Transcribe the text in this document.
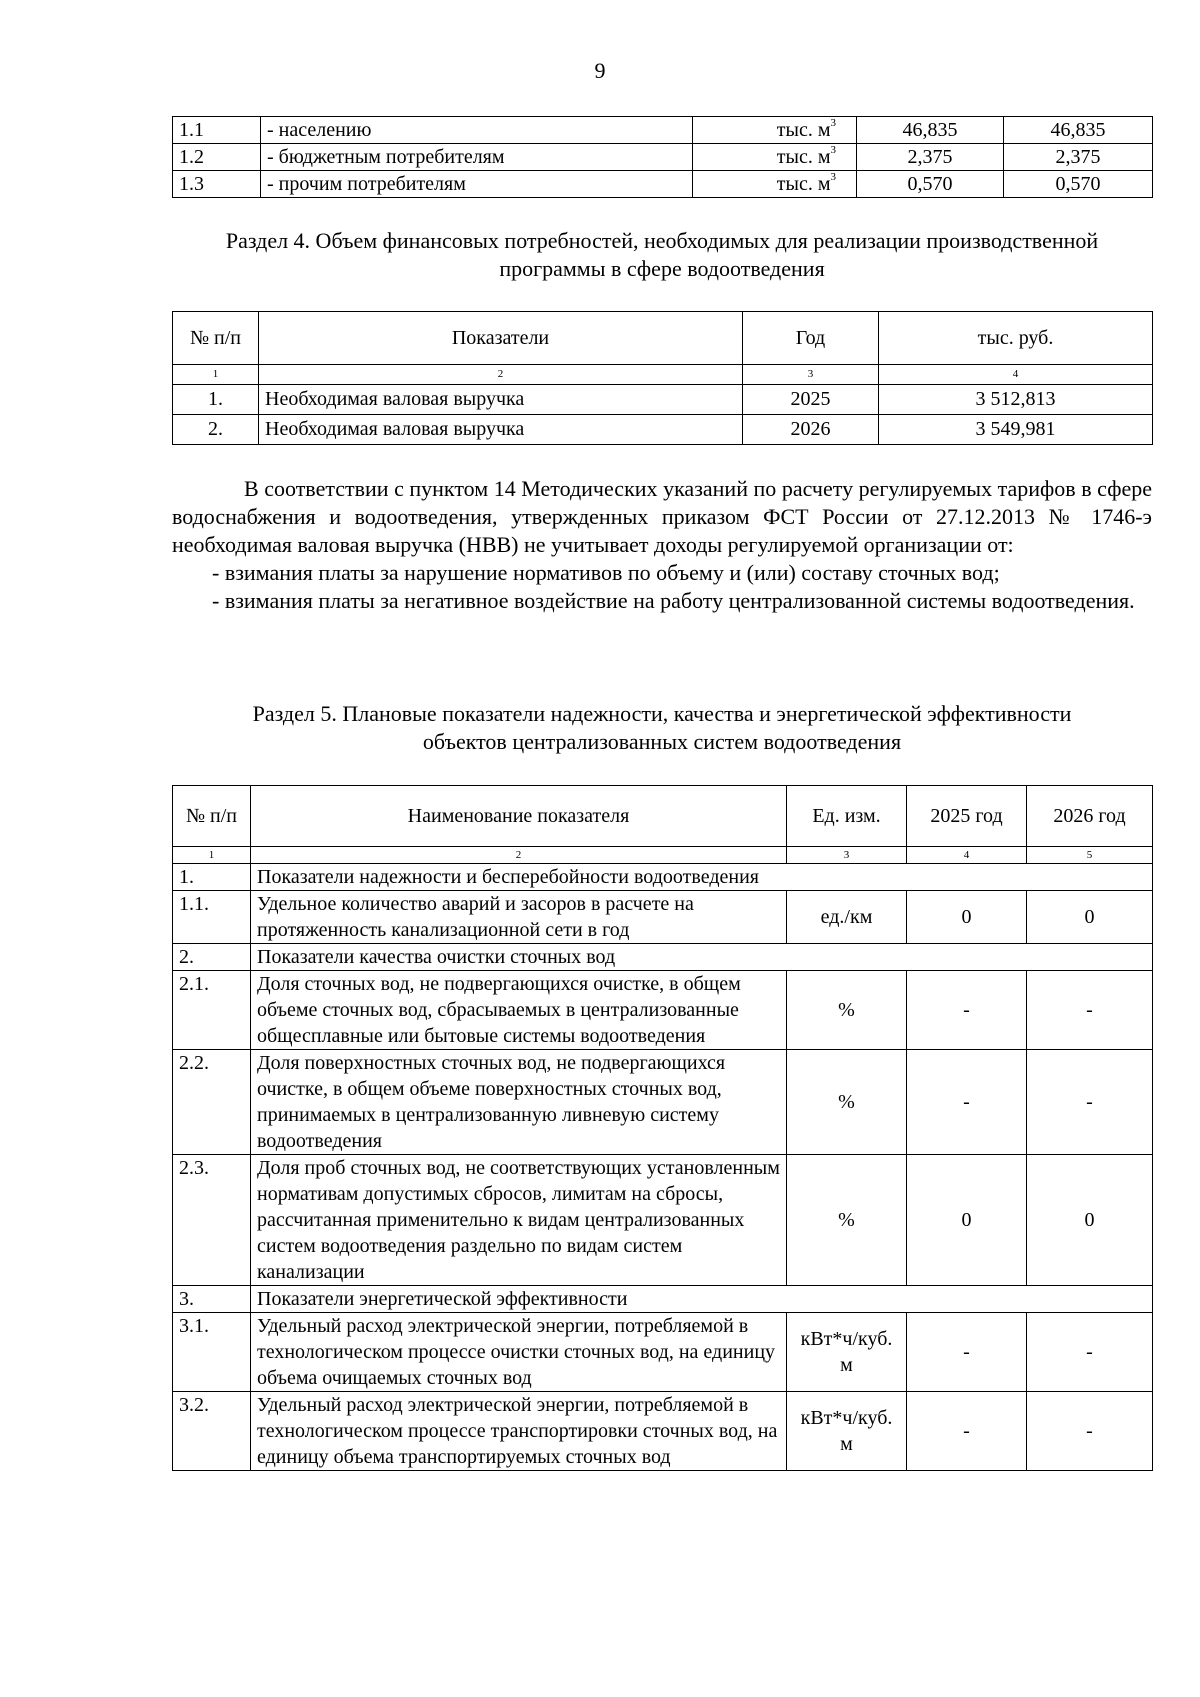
9
1.1	- населению	тыс. $м^3$	46,835	46,835
1.2	- бюджетным потребителям	тыс. $м^3$	2,375	2,375
1.3	- прочим потребителям	тыс. $м^3$	0,570	0,570
Раздел 4. Объем финансовых потребностей, необходимых для реализации производственной
программы в сфере водоотведения
№ п/п	Показатели	Год	тыс. руб.
1	2	3	4
1.	Необходимая валовая выручка	2025	3 512,813
2.	Необходимая валовая выручка	2026	3 549,981

В соответствии с пунктом 14 Методических указаний по расчету регулируемых тарифов в сфере водоснабжения и водоотведения, утвержденных приказом ФСТ России от 27.12.2013 № 1746-э необходимая валовая выручка (НВВ) не учитывает доходы регулируемой организации от:

- взимания платы за нарушение нормативов по объему и (или) составу сточных вод;

- взимания платы за негативное воздействие на работу централизованной системы водоотведения.

Раздел 5. Плановые показатели надежности, качества и энергетической эффективности
объектов централизованных систем водоотведения
№ п/п	Наименование показателя	Ед. изм.	2025 год	2026 год
1	2	3	4	5
1.	Показатели надежности и бесперебойности водоотведения			
1.1.	Удельное количество аварий и засоров в расчете на протяженность канализационной сети в год	ед./км	0	0
2.	Показатели качества очистки сточных вод			
2.1.	Доля сточных вод, не подвергающихся очистке, в общем объеме сточных вод, сбрасываемых в централизованные общесплавные или бытовые системы водоотведения	%	-	-
2.2.	Доля поверхностных сточных вод, не подвергающихся очистке, в общем объеме поверхностных сточных вод, принимаемых в централизованную ливневую систему водоотведения	%	-	-
2.3.	Доля проб сточных вод, не соответствующих установленным нормативам допустимых сбросов, лимитам на сбросы, рассчитанная применительно к видам централизованных систем водоотведения раздельно по видам систем канализации	%	0	0
3.	Показатели энергетической эффективности			
3.1.	Удельный расход электрической энергии, потребляемой в технологическом процессе очистки сточных вод, на единицу объема очищаемых сточных вод	кВт*ч/куб. м	-	-
3.2.	Удельный расход электрической энергии, потребляемой в технологическом процессе транспортировки сточных вод, на единицу объема транспортируемых сточных вод	кВт*ч/куб. м	-	-
